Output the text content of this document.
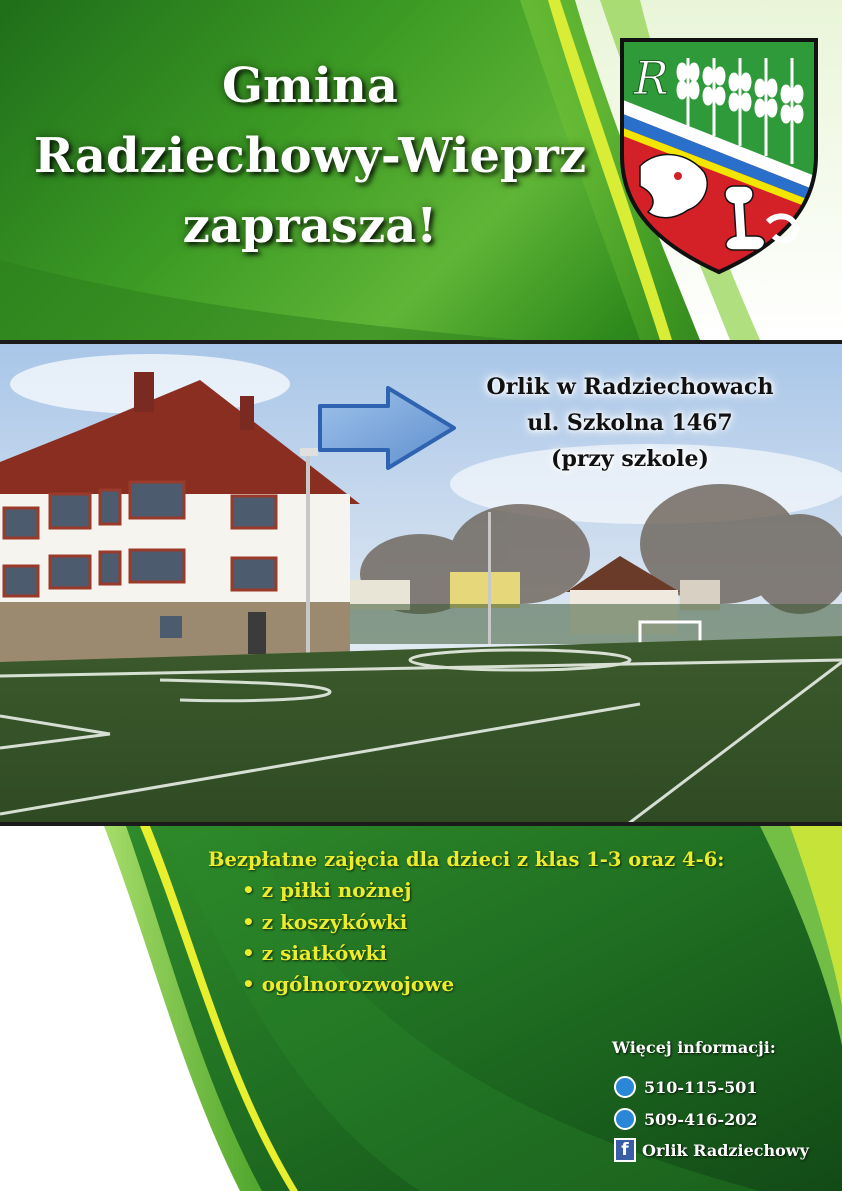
Gmina
Radziechowy-Wieprz
zaprasza!
R
Orlik w Radziechowach
ul. Szkolna 1467
(przy szkole)
Bezpłatne zajęcia dla dzieci z klas 1-3 oraz 4-6:
• z piłki nożnej
• z koszykówki
• z siatkówki
• ogólnorozwojowe
Więcej informacji:
510-115-501
509-416-202
f Orlik Radziechowy
